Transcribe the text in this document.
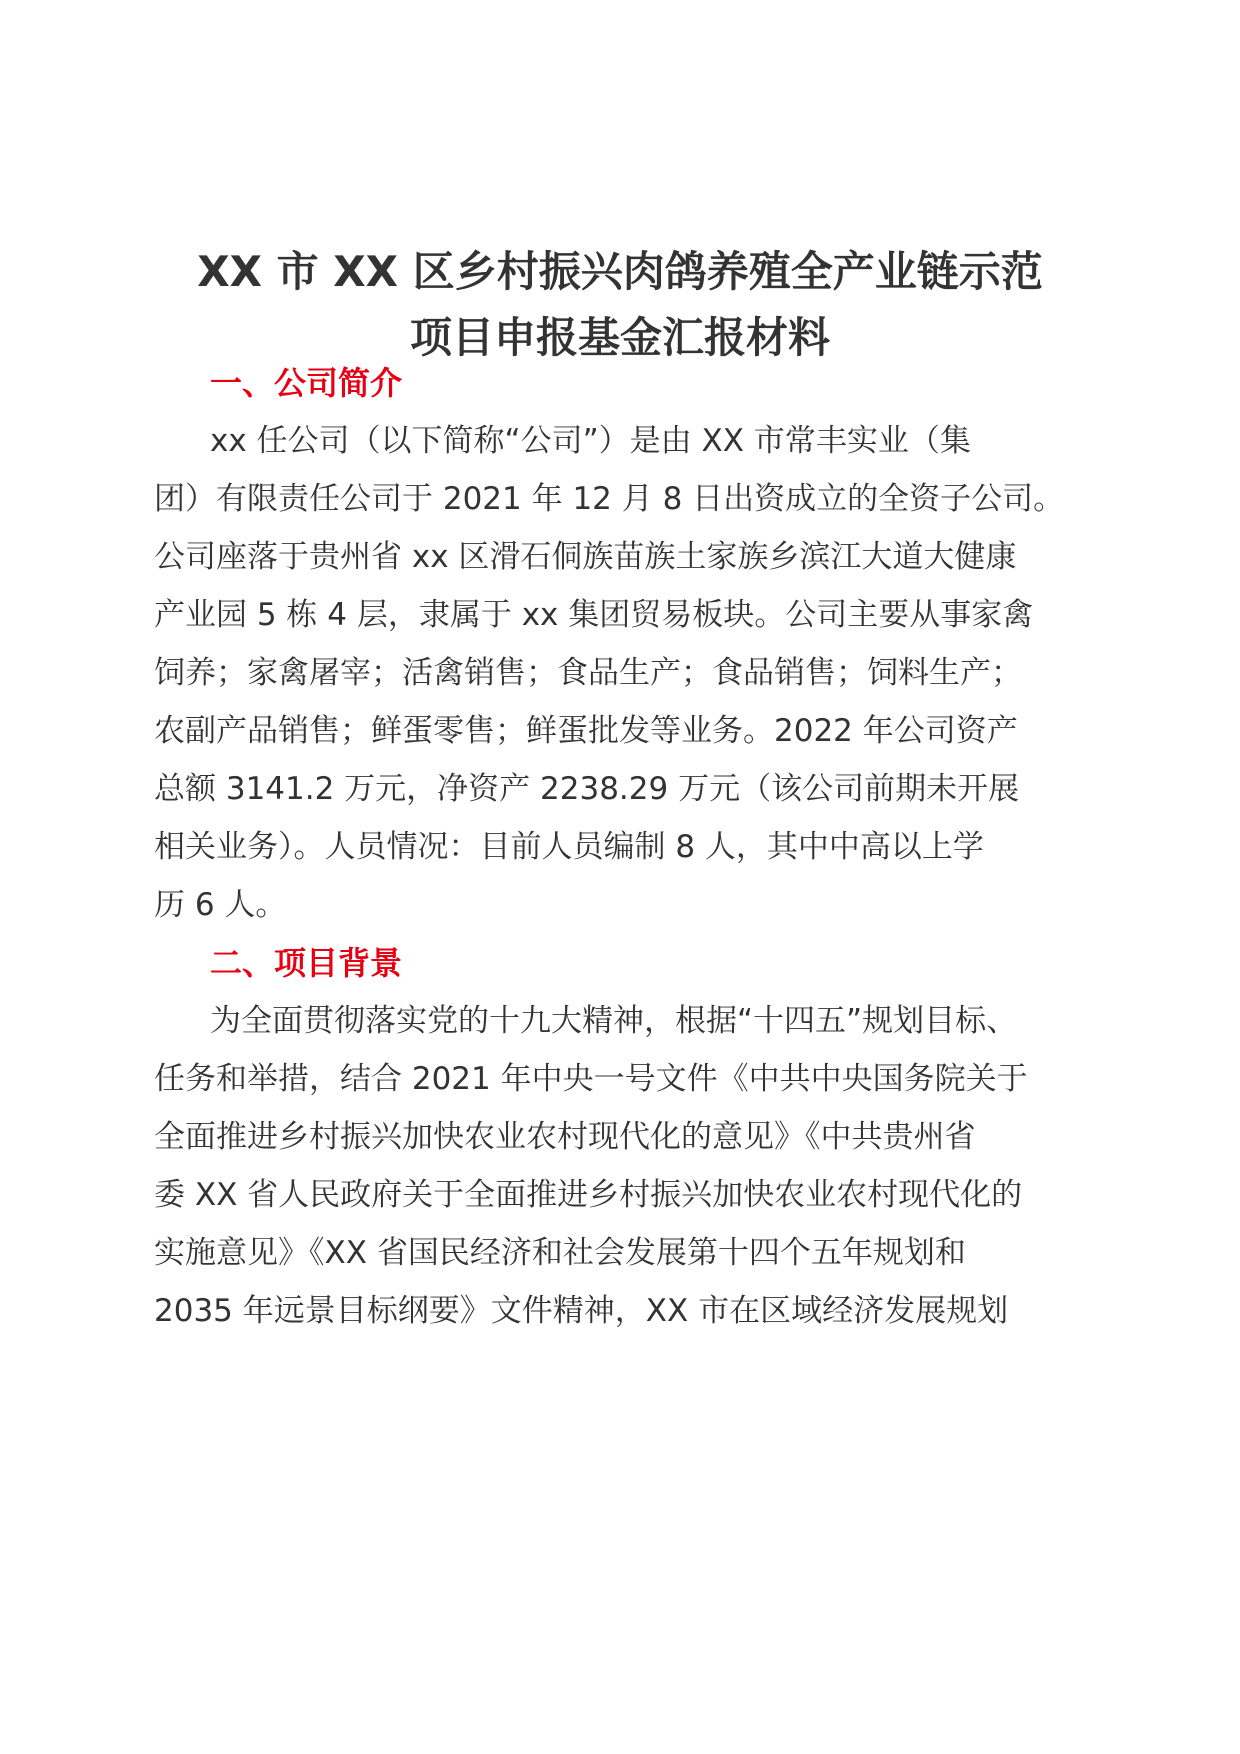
XX 市 XX 区乡村振兴肉鸽养殖全产业链示范
项目申报基金汇报材料
一、公司简介

xx 任公司（以下简称“公司”）是由 XX 市常丰实业（集

团）有限责任公司于 2021 年 12 月 8 日出资成立的全资子公司。

公司座落于贵州省 xx 区滑石侗族苗族土家族乡滨江大道大健康

产业园 5 栋 4 层，隶属于 xx 集团贸易板块。公司主要从事家禽

饲养；家禽屠宰；活禽销售；食品生产；食品销售；饲料生产；

农副产品销售；鲜蛋零售；鲜蛋批发等业务。2022 年公司资产

总额 3141.2 万元，净资产 2238.29 万元（该公司前期未开展

相关业务）。人员情况：目前人员编制 8 人，其中中高以上学

历 6 人。

二、项目背景

为全面贯彻落实党的十九大精神，根据“十四五”规划目标、

任务和举措，结合 2021 年中央一号文件《中共中央国务院关于

全面推进乡村振兴加快农业农村现代化的意见》《中共贵州省

委 XX 省人民政府关于全面推进乡村振兴加快农业农村现代化的

实施意见》《XX 省国民经济和社会发展第十四个五年规划和

2035 年远景目标纲要》文件精神，XX 市在区域经济发展规划
